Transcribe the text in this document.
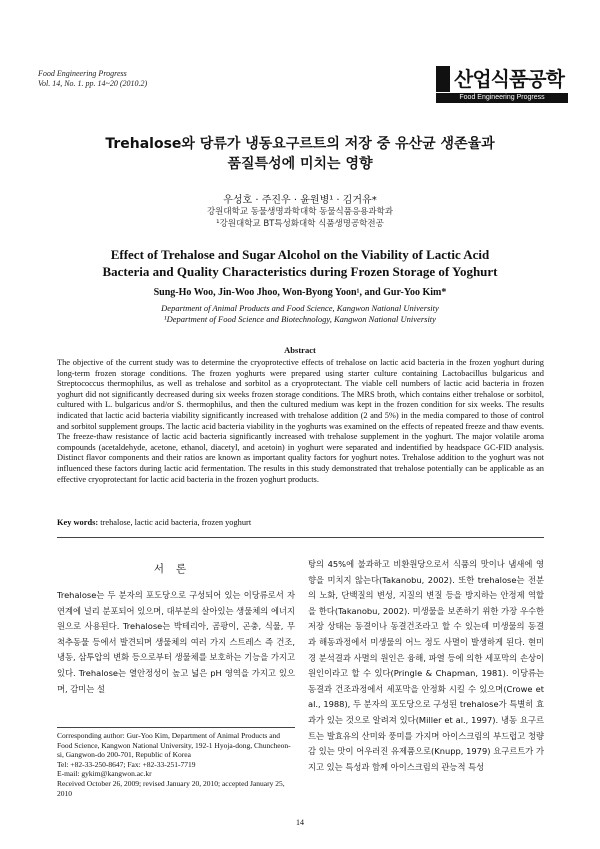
Food Engineering Progress
Vol. 14, No. 1. pp. 14~20 (2010.2)	산업식품공학
Food Engineering Progress
Trehalose와 당류가 냉동요구르트의 저장 중 유산균 생존율과
품질특성에 미치는 영향
우성호 · 주진우 · 윤원병¹ · 김거유*
강원대학교 동물생명과학대학 동물식품응용과학과
¹강원대학교 BT특성화대학 식품생명공학전공
Effect of Trehalose and Sugar Alcohol on the Viability of Lactic Acid
Bacteria and Quality Characteristics during Frozen Storage of Yoghurt
Sung-Ho Woo, Jin-Woo Jhoo, Won-Byong Yoon¹, and Gur-Yoo Kim*
Department of Animal Products and Food Science, Kangwon National University
¹Department of Food Science and Biotechnology, Kangwon National University
Abstract
The objective of the current study was to determine the cryoprotective effects of trehalose on lactic acid bacteria in the frozen yoghurt during long-term frozen storage conditions. The frozen yoghurts were prepared using starter culture containing Lactobacillus bulgaricus and Streptococcus thermophilus, as well as trehalose and sorbitol as a cryoprotectant. The viable cell numbers of lactic acid bacteria in frozen yoghurt did not significantly decreased during six weeks frozen storage conditions. The MRS broth, which contains either trehalose or sorbitol, cultured with L. bulgaricus and/or S. thermophilus, and then the cultured medium was kept in the frozen condition for six weeks. The results indicated that lactic acid bacteria viability significantly increased with trehalose addition (2 and 5%) in the media compared to those of control and sorbitol supplement groups. The lactic acid bacteria viability in the yoghurts was examined on the effects of repeated freeze and thaw events. The freeze-thaw resistance of lactic acid bacteria significantly increased with trehalose supplement in the yoghurt. The major volatile aroma compounds (acetaldehyde, acetone, ethanol, diacetyl, and acetoin) in yoghurt were separated and indentified by headspace GC-FID analysis. Distinct flavor components and their ratios are known as important quality factors for yoghurt notes. Trehalose addition to the yoghurt was not influenced these factors during lactic acid fermentation. The results in this study demonstrated that trehalose potentially can be applicable as an effective cryoprotectant for lactic acid bacteria in the frozen yoghurt products.
Key words: trehalose, lactic acid bacteria, frozen yoghurt
서론
Trehalose는 두 분자의 포도당으로 구성되어 있는 이당류로서 자연계에 널리 분포되어 있으며, 대부분의 살아있는 생물체의 에너지원으로 사용된다. Trehalose는 박테리아, 곰팡이, 곤충, 식물, 무척추동물 등에서 발견되며 생물체의 여러 가지 스트레스 즉 건조, 냉동, 삼투압의 변화 등으로부터 생물체를 보호하는 기능을 가지고 있다. Trehalose는 열안정성이 높고 넓은 pH 영역을 가지고 있으며, 감미는 설
탕의 45%에 불과하고 비환원당으로서 식품의 맛이나 냄새에 영향을 미치지 않는다(Takanobu, 2002). 또한 trehalose는 전분의 노화, 단백질의 변성, 지질의 변질 등을 방지하는 안정제 역할을 한다(Takanobu, 2002). 미생물을 보존하기 위한 가장 우수한 저장 상태는 동결이나 동결건조라고 할 수 있는데 미생물의 동결과 해동과정에서 미생물의 어느 정도 사멸이 발생하게 된다. 현미경 분석결과 사멸의 원인은 융해, 파열 등에 의한 세포막의 손상이 원인이라고 할 수 있다(Pringle & Chapman, 1981). 이당류는 동결과 건조과정에서 세포막을 안정화 시킬 수 있으며(Crowe et al., 1988), 두 분자의 포도당으로 구성된 trehalose가 특별히 효과가 있는 것으로 알려져 있다(Miller et al., 1997). 냉동 요구르트는 발효유의 산미와 풍미를 가지며 아이스크림의 부드럽고 청량감 있는 맛이 어우러진 유제품으로(Knupp, 1979) 요구르트가 가지고 있는 특성과 함께 아이스크림의 관능적 특성
Corresponding author: Gur-Yoo Kim, Department of Animal Products and Food Science, Kangwon National University, 192-1 Hyoja-dong, Chuncheon-si, Gangwon-do 200-701, Republic of Korea
Tel: +82-33-250-8647; Fax: +82-33-251-7719
E-mail: gykim@kangwon.ac.kr
Received October 26, 2009; revised January 20, 2010; accepted January 25, 2010
14
